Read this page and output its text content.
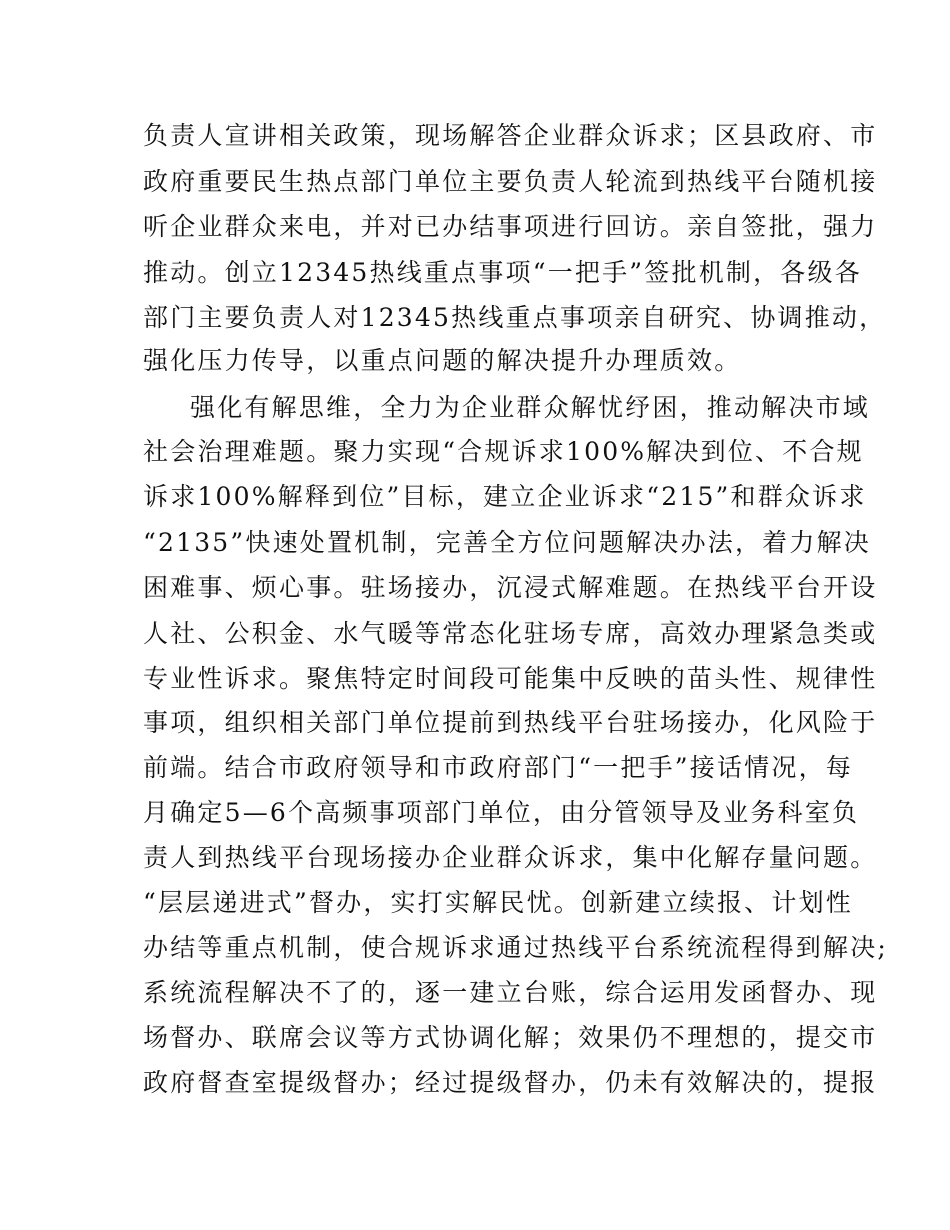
负责人宣讲相关政策，现场解答企业群众诉求；区县政府、市
政府重要民生热点部门单位主要负责人轮流到热线平台随机接
听企业群众来电，并对已办结事项进行回访。亲自签批，强力
推动。创立12345热线重点事项“一把手”签批机制，各级各
部门主要负责人对12345热线重点事项亲自研究、协调推动，
强化压力传导，以重点问题的解决提升办理质效。
强化有解思维，全力为企业群众解忧纾困，推动解决市域
社会治理难题。聚力实现“合规诉求100%解决到位、不合规
诉求100%解释到位”目标，建立企业诉求“215”和群众诉求
“2135”快速处置机制，完善全方位问题解决办法，着力解决
困难事、烦心事。驻场接办，沉浸式解难题。在热线平台开设
人社、公积金、水气暖等常态化驻场专席，高效办理紧急类或
专业性诉求。聚焦特定时间段可能集中反映的苗头性、规律性
事项，组织相关部门单位提前到热线平台驻场接办，化风险于
前端。结合市政府领导和市政府部门“一把手”接话情况，每
月确定5—6个高频事项部门单位，由分管领导及业务科室负
责人到热线平台现场接办企业群众诉求，集中化解存量问题。
“层层递进式”督办，实打实解民忧。创新建立续报、计划性
办结等重点机制，使合规诉求通过热线平台系统流程得到解决;
系统流程解决不了的，逐一建立台账，综合运用发函督办、现
场督办、联席会议等方式协调化解；效果仍不理想的，提交市
政府督查室提级督办；经过提级督办，仍未有效解决的，提报
